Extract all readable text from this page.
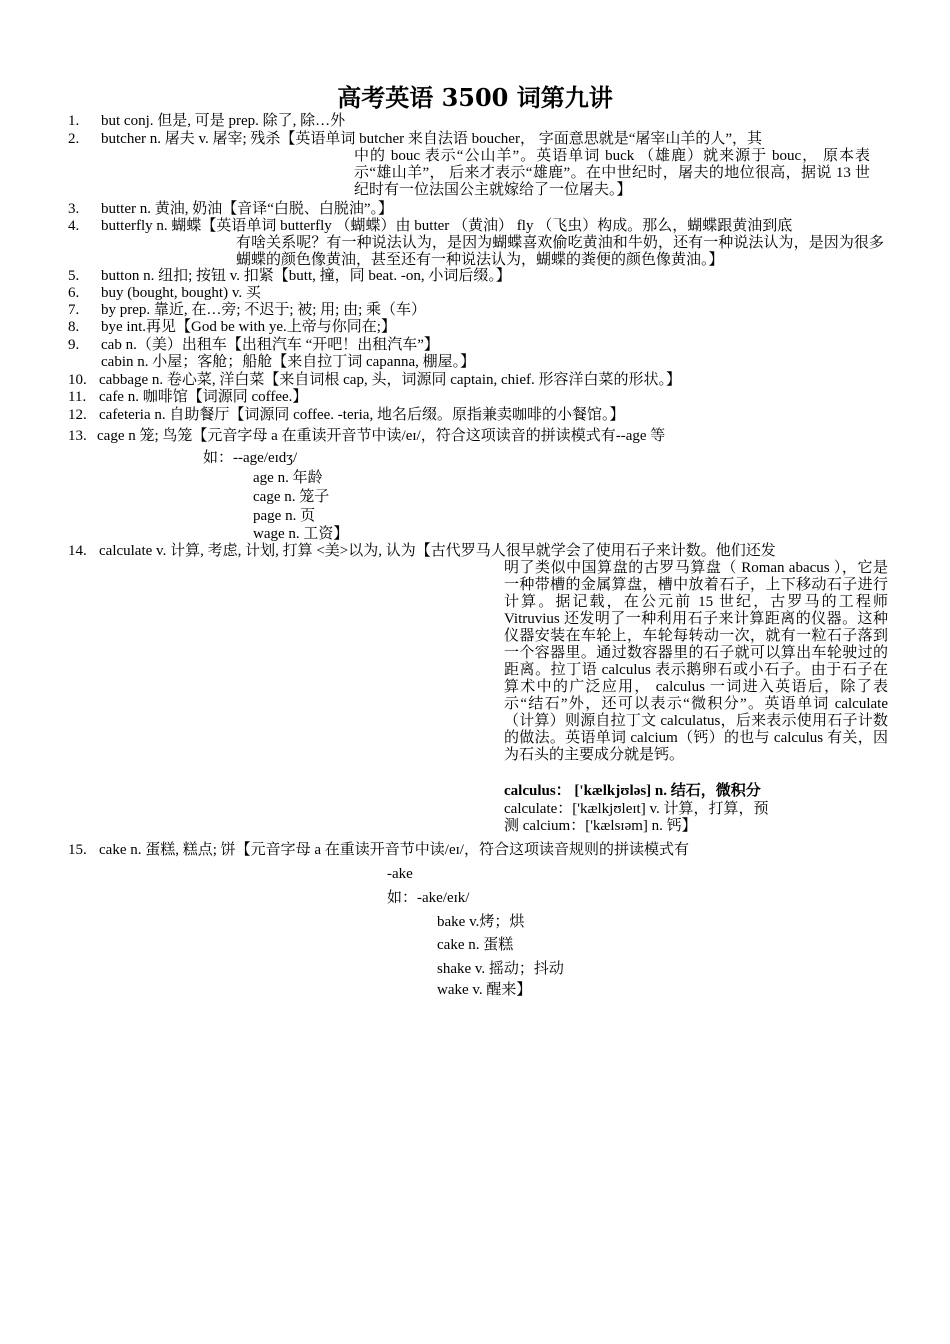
高考英语 3500 词第九讲
1. but conj. 但是, 可是 prep. 除了, 除…外
2. butcher n. 屠夫 v. 屠宰; 残杀【英语单词 butcher 来自法语 boucher， 字面意思就是“屠宰山羊的人”，其
中的 bouc 表示“公山羊”。英语单词 buck （雄鹿）就来源于 bouc， 原本表示“雄山羊”， 后来才表示“雄鹿”。在中世纪时，屠夫的地位很高，据说 13 世纪时有一位法国公主就嫁给了一位屠夫。】
3. butter n. 黄油, 奶油【音译“白脱、白脱油”。】
4. butterfly n. 蝴蝶【英语单词 butterfly （蝴蝶）由 butter （黄油） fly （飞虫）构成。那么，蝴蝶跟黄油到底
有啥关系呢？有一种说法认为，是因为蝴蝶喜欢偷吃黄油和牛奶，还有一种说法认为，是因为很多蝴蝶的颜色像黄油，甚至还有一种说法认为，蝴蝶的粪便的颜色像黄油。】
5. button n. 纽扣; 按钮 v. 扣紧【butt, 撞，同 beat. -on, 小词后缀。】
6. buy (bought, bought) v. 买
7. by prep. 靠近, 在…旁; 不迟于; 被; 用; 由; 乘（车）
8. bye int.再见【God be with ye.上帝与你同在;】
9. cab n.（美）出租车【出租汽车 “开吧！出租汽车”】
cabin n. 小屋；客舱；船舱【来自拉丁词 capanna, 棚屋。】
10. cabbage n. 卷心菜, 洋白菜【来自词根 cap, 头，词源同 captain, chief. 形容洋白菜的形状。】
11. cafe n. 咖啡馆【词源同 coffee.】
12. cafeteria n. 自助餐厅【词源同 coffee. -teria, 地名后缀。原指兼卖咖啡的小餐馆。】
13. cage n 笼; 鸟笼【元音字母 a 在重读开音节中读/eɪ/，符合这项读音的拼读模式有--age 等
如：--age/eɪdʒ/
age n. 年龄
cage n. 笼子
page n. 页
wage n. 工资】
14. calculate v. 计算, 考虑, 计划, 打算 <美>以为, 认为【古代罗马人很早就学会了使用石子来计数。他们还发
明了类似中国算盘的古罗马算盘（ Roman abacus ），它是一种带槽的金属算盘，槽中放着石子，上下移动石子进行计算。据记载，在公元前 15 世纪，古罗马的工程师 Vitruvius 还发明了一种利用石子来计算距离的仪器。这种仪器安装在车轮上，车轮每转动一次，就有一粒石子落到一个容器里。通过数容器里的石子就可以算出车轮驶过的距离。拉丁语 calculus 表示鹅卵石或小石子。由于石子在算术中的广泛应用， calculus 一词进入英语后，除了表示“结石”外，还可以表示“微积分”。英语单词 calculate （计算）则源自拉丁文 calculatus，后来表示使用石子计数的做法。英语单词 calcium（钙）的也与 calculus 有关，因为石头的主要成分就是钙。
calculus： ['kælkjʊləs] n. 结石，微积分
calculate：['kælkjʊleɪt] v. 计算，打算，预
测 calcium：['kælsɪəm] n. 钙】
15. cake n. 蛋糕, 糕点; 饼【元音字母 a 在重读开音节中读/eɪ/，符合这项读音规则的拼读模式有
-ake
如：-ake/eɪk/
bake v.烤；烘
cake n. 蛋糕
shake v. 摇动；抖动
wake v. 醒来】
